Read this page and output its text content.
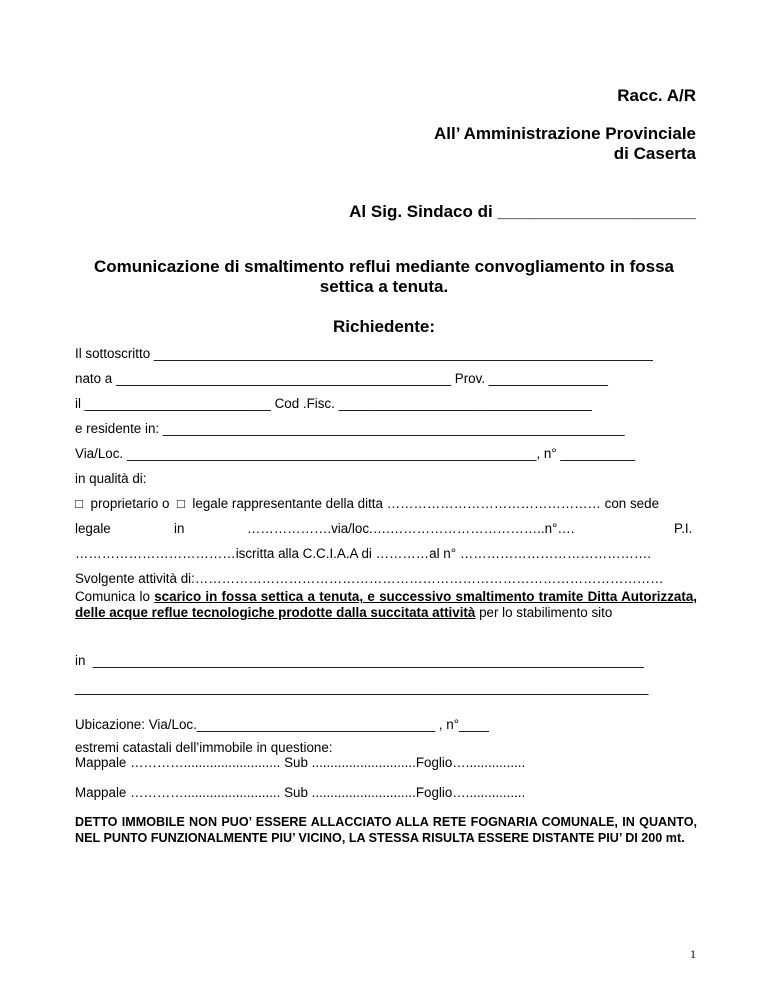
Racc. A/R
All’ Amministrazione Provinciale
di Caserta
Al Sig. Sindaco di _____________________
Comunicazione di smaltimento reflui mediante convogliamento in fossa
settica a tenuta.
Richiedente:
Il sottoscritto ___________________________________________________________________
nato a _____________________________________________ Prov. ________________
il _________________________ Cod .Fisc. __________________________________
e residente in: ______________________________________________________________
Via/Loc. _______________________________________________________, n° __________
in qualità di:
□  proprietario o  □  legale rappresentante della ditta ………………………………………… con sede
legale	in	……………….via/loc.….……………………………..n°….	P.I.
………………………………iscritta alla C.C.I.A.A di …………al n° …………………………………….
Svolgente attività di:……………………………………………………………………………………………
Comunica lo scarico in fossa settica a tenuta, e successivo smaltimento tramite Ditta Autorizzata, delle acque reflue tecnologiche prodotte dalla succitata attività per lo stabilimento sito
in  __________________________________________________________________________
_____________________________________________________________________________
Ubicazione: Via/Loc.________________________________ , n°____
estremi catastali dell’immobile in questione:
Mappale ………….......................... Sub ............................Foglio…................
Mappale ………….......................... Sub ............................Foglio…................
DETTO IMMOBILE NON PUO’ ESSERE ALLACCIATO ALLA RETE FOGNARIA COMUNALE, IN QUANTO, NEL PUNTO FUNZIONALMENTE PIU’ VICINO, LA STESSA RISULTA ESSERE DISTANTE PIU’ DI 200 mt.
1
